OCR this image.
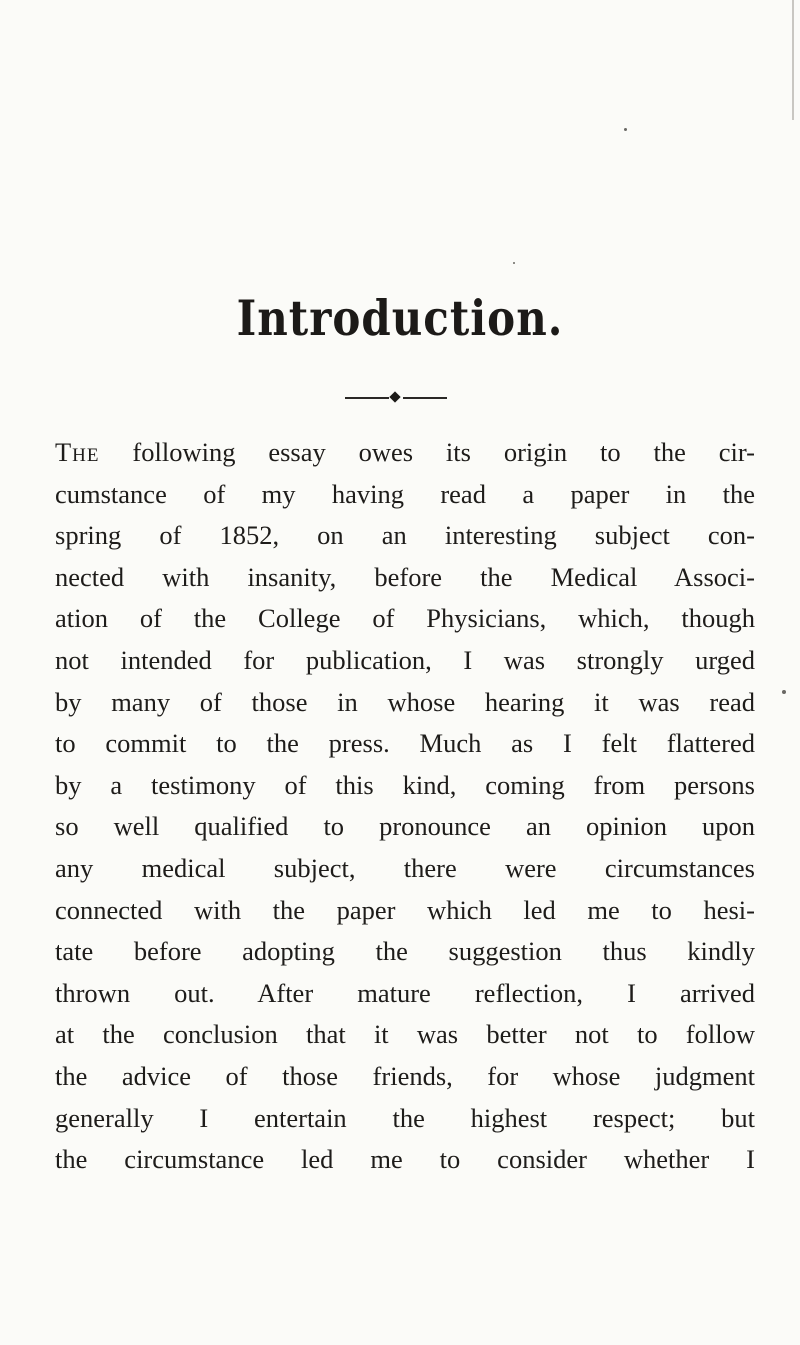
Introduction.
The following essay owes its origin to the cir-
cumstance of my having read a paper in the
spring of 1852, on an interesting subject con-
nected with insanity, before the Medical Associ-
ation of the College of Physicians, which, though
not intended for publication, I was strongly urged
by many of those in whose hearing it was read
to commit to the press. Much as I felt flattered
by a testimony of this kind, coming from persons
so well qualified to pronounce an opinion upon
any medical subject, there were circumstances
connected with the paper which led me to hesi-
tate before adopting the suggestion thus kindly
thrown out. After mature reflection, I arrived
at the conclusion that it was better not to follow
the advice of those friends, for whose judgment
generally I entertain the highest respect; but
the circumstance led me to consider whether I
